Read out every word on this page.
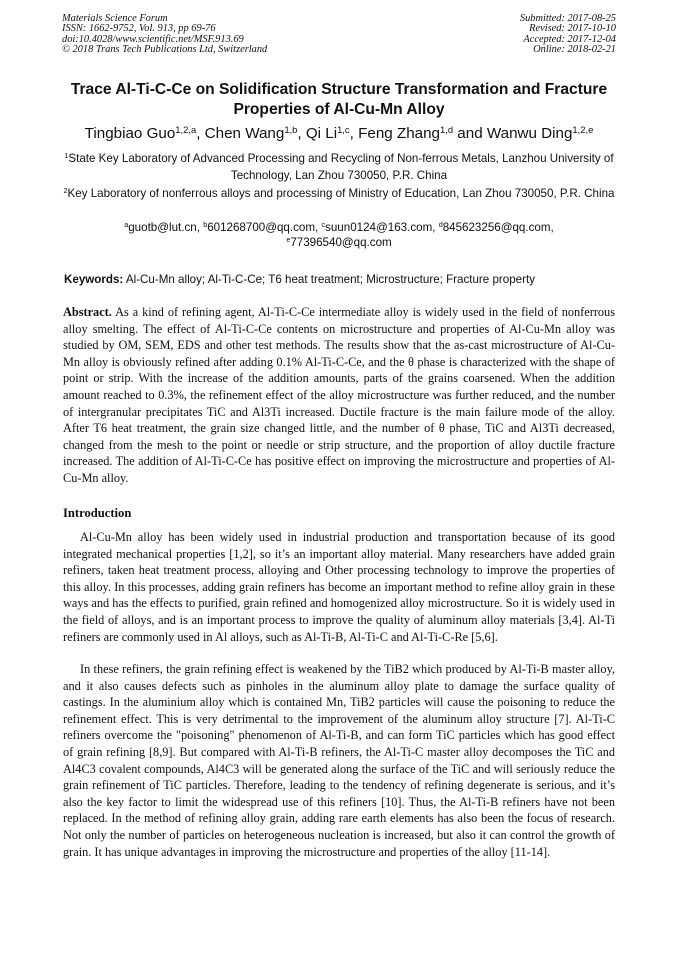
Materials Science Forum
ISSN: 1662-9752, Vol. 913, pp 69-76
doi:10.4028/www.scientific.net/MSF.913.69
© 2018 Trans Tech Publications Ltd, Switzerland
Submitted: 2017-08-25
Revised: 2017-10-10
Accepted: 2017-12-04
Online: 2018-02-21
Trace Al-Ti-C-Ce on Solidification Structure Transformation and Fracture Properties of Al-Cu-Mn Alloy
Tingbiao Guo$^{1,2,a}$, Chen Wang$^{1,b}$, Qi Li$^{1,c}$, Feng Zhang$^{1,d}$ and Wanwu Ding$^{1,2,e}$
$^1$State Key Laboratory of Advanced Processing and Recycling of Non-ferrous Metals, Lanzhou University of Technology, Lan Zhou 730050, P.R. China
$^2$Key Laboratory of nonferrous alloys and processing of Ministry of Education, Lan Zhou 730050, P.R. China
$^a$guotb@lut.cn, $^b$601268700@qq.com, $^c$suun0124@163.com, $^d$845623256@qq.com,
$^e$77396540@qq.com
Keywords: Al-Cu-Mn alloy; Al-Ti-C-Ce; T6 heat treatment; Microstructure; Fracture property
Abstract. As a kind of refining agent, Al-Ti-C-Ce intermediate alloy is widely used in the field of nonferrous alloy smelting. The effect of Al-Ti-C-Ce contents on microstructure and properties of Al-Cu-Mn alloy was studied by OM, SEM, EDS and other test methods. The results show that the as-cast microstructure of Al-Cu-Mn alloy is obviously refined after adding 0.1% Al-Ti-C-Ce, and the θ phase is characterized with the shape of point or strip. With the increase of the addition amounts, parts of the grains coarsened. When the addition amount reached to 0.3%, the refinement effect of the alloy microstructure was further reduced, and the number of intergranular precipitates TiC and Al3Ti increased. Ductile fracture is the main failure mode of the alloy. After T6 heat treatment, the grain size changed little, and the number of θ phase, TiC and Al3Ti decreased, changed from the mesh to the point or needle or strip structure, and the proportion of alloy ductile fracture increased. The addition of Al-Ti-C-Ce has positive effect on improving the microstructure and properties of Al-Cu-Mn alloy.
Introduction
Al-Cu-Mn alloy has been widely used in industrial production and transportation because of its good integrated mechanical properties [1,2], so it’s an important alloy material. Many researchers have added grain refiners, taken heat treatment process, alloying and Other processing technology to improve the properties of this alloy. In this processes, adding grain refiners has become an important method to refine alloy grain in these ways and has the effects to purified, grain refined and homogenized alloy microstructure. So it is widely used in the field of alloys, and is an important process to improve the quality of aluminum alloy materials [3,4]. Al-Ti refiners are commonly used in Al alloys, such as Al-Ti-B, Al-Ti-C and Al-Ti-C-Re [5,6].
In these refiners, the grain refining effect is weakened by the TiB2 which produced by Al-Ti-B master alloy, and it also causes defects such as pinholes in the aluminum alloy plate to damage the surface quality of castings. In the aluminium alloy which is contained Mn, TiB2 particles will cause the poisoning to reduce the refinement effect. This is very detrimental to the improvement of the aluminum alloy structure [7]. Al-Ti-C refiners overcome the "poisoning" phenomenon of Al-Ti-B, and can form TiC particles which has good effect of grain refining [8,9]. But compared with Al-Ti-B refiners, the Al-Ti-C master alloy decomposes the TiC and Al4C3 covalent compounds, Al4C3 will be generated along the surface of the TiC and will seriously reduce the grain refinement of TiC particles. Therefore, leading to the tendency of refining degenerate is serious, and it’s also the key factor to limit the widespread use of this refiners [10]. Thus, the Al-Ti-B refiners have not been replaced. In the method of refining alloy grain, adding rare earth elements has also been the focus of research. Not only the number of particles on heterogeneous nucleation is increased, but also it can control the growth of grain. It has unique advantages in improving the microstructure and properties of the alloy [11-14].
